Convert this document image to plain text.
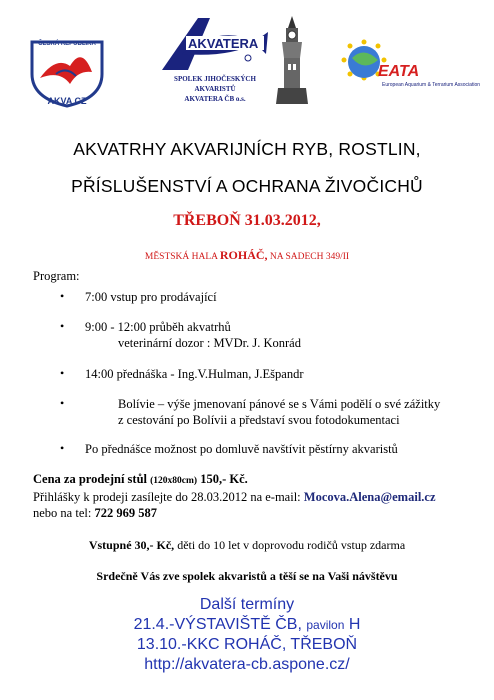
ČESKÁ REPUBLIKA
AKVA CZ
AKVATERA
SPOLEK JIHOČESKÝCH
AKVARISTŮ
AKVATERA ČB o.s.
EATA
European Aquarium & Terrarium Association
AKVATRHY AKVARIJNÍCH RYB, ROSTLIN,
PŘÍSLUŠENSTVÍ A OCHRANA ŽIVOČICHŮ
TŘEBOŇ 31.03.2012,
MĚSTSKÁ HALA ROHÁČ, NA SADECH 349/II
Program:
• 7:00 vstup pro prodávající
• 9:00 - 12:00 průběh akvatrhů
veterinární dozor : MVDr. J. Konrád
• 14:00 přednáška - Ing.V.Hulman, J.Ešpandr
•	Bolívie – výše jmenovaní pánové se s Vámi podělí o své zážitky
z cestování po Bolívii a představí svou fotodokumentaci
• Po přednášce možnost po domluvě navštívit pěstírny akvaristů
Cena za prodejní stůl (120x80cm) 150,- Kč.
Přihlášky k prodeji zasílejte do 28.03.2012 na e-mail: Mocova.Alena@email.cz
nebo na tel: 722 969 587
Vstupné 30,- Kč, děti do 10 let v doprovodu rodičů vstup zdarma
Srdečně Vás zve spolek akvaristů a těší se na Vaši návštěvu
Další termíny
21.4.-VÝSTAVIŠTĚ ČB, pavilon H
13.10.-KKC ROHÁČ, TŘEBOŇ
http://akvatera-cb.aspone.cz/
